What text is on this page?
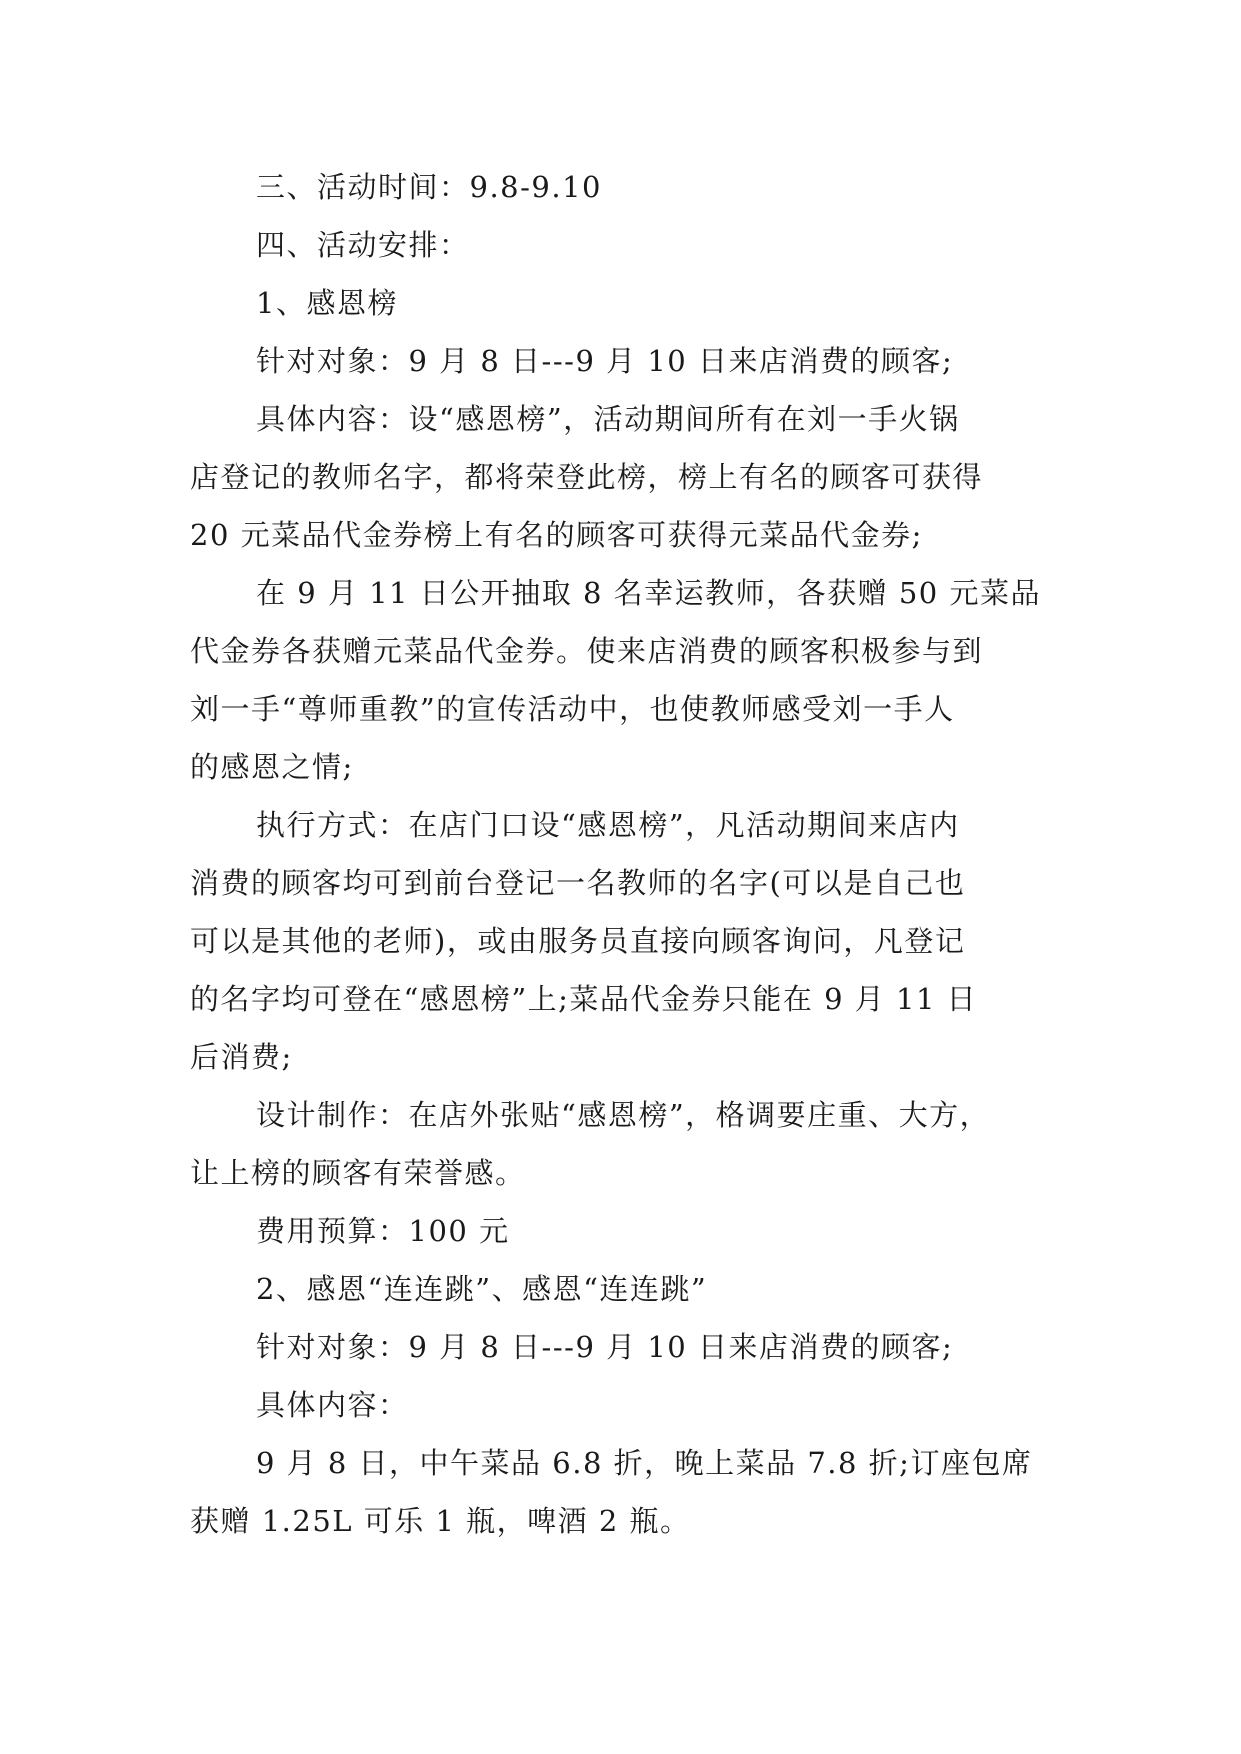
三、活动时间：9.8-9.10
四、活动安排：
1、感恩榜
针对对象：9 月 8 日---9 月 10 日来店消费的顾客;
具体内容：设“感恩榜”，活动期间所有在刘一手火锅
店登记的教师名字，都将荣登此榜，榜上有名的顾客可获得
20 元菜品代金券榜上有名的顾客可获得元菜品代金券;
在 9 月 11 日公开抽取 8 名幸运教师，各获赠 50 元菜品
代金券各获赠元菜品代金券。使来店消费的顾客积极参与到
刘一手“尊师重教”的宣传活动中，也使教师感受刘一手人
的感恩之情;
执行方式：在店门口设“感恩榜”，凡活动期间来店内
消费的顾客均可到前台登记一名教师的名字(可以是自己也
可以是其他的老师)，或由服务员直接向顾客询问，凡登记
的名字均可登在“感恩榜”上;菜品代金券只能在 9 月 11 日
后消费;
设计制作：在店外张贴“感恩榜”，格调要庄重、大方，
让上榜的顾客有荣誉感。
费用预算：100 元
2、感恩“连连跳”、感恩“连连跳”
针对对象：9 月 8 日---9 月 10 日来店消费的顾客;
具体内容：
9 月 8 日，中午菜品 6.8 折，晚上菜品 7.8 折;订座包席
获赠 1.25L 可乐 1 瓶，啤酒 2 瓶。
